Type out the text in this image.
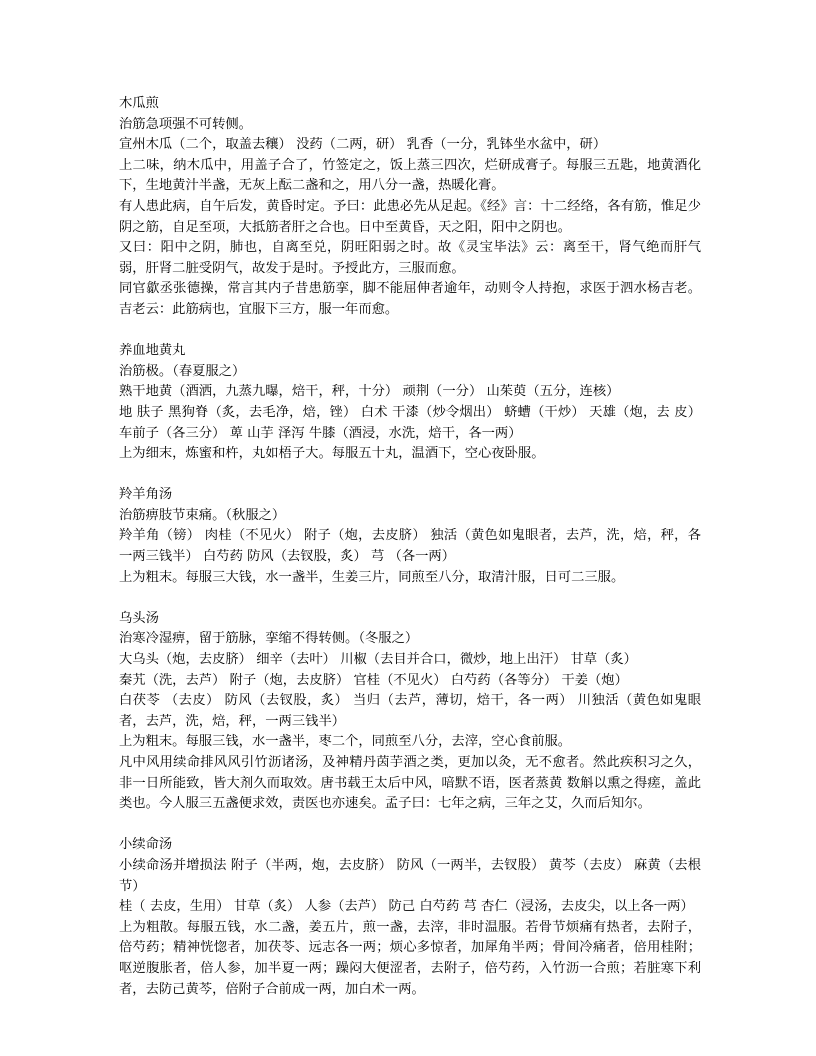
木瓜煎

治筋急项强不可转侧。

宣州木瓜（二个，取盖去穰） 没药（二两，研） 乳香（一分，乳钵坐水盆中，研）

上二味，纳木瓜中，用盖子合了，竹签定之，饭上蒸三四次，烂研成膏子。每服三五匙，地黄酒化下，生地黄汁半盏，无灰上酝二盏和之，用八分一盏，热暖化膏。

有人患此病，自午后发，黄昏时定。予曰：此患必先从足起。《经》言：十二经络，各有筋，惟足少阴之筋，自足至项，大抵筋者肝之合也。日中至黄昏，天之阳，阳中之阴也。

又曰：阳中之阴，肺也，自离至兑，阴旺阳弱之时。故《灵宝毕法》云：离至干，肾气绝而肝气弱，肝肾二脏受阴气，故发于是时。予授此方，三服而愈。

同官歙丞张德操，常言其内子昔患筋挛，脚不能屈伸者逾年，动则令人持抱，求医于泗水杨吉老。吉老云：此筋病也，宜服下三方，服一年而愈。

养血地黄丸

治筋极。（春夏服之）

熟干地黄（酒洒，九蒸九曝，焙干，秤，十分） 顽荆（一分） 山茱萸（五分，连核）

地 肤子 黑狗脊（炙，去毛净，焙，锉） 白术 干漆（炒令烟出） 蛴螬（干炒） 天雄（炮，去 皮） 车前子（各三分） 萆 山芋 泽泻 牛膝（酒浸，水洗，焙干，各一两）

上为细末，炼蜜和杵，丸如梧子大。每服五十丸，温酒下，空心夜卧服。

羚羊角汤

治筋痹肢节束痛。（秋服之）

羚羊角（镑） 肉桂（不见火） 附子（炮，去皮脐） 独活（黄色如鬼眼者，去芦，洗，焙，秤，各一两三钱半） 白芍药 防风（去钗股，炙） 芎 （各一两）

上为粗末。每服三大钱，水一盏半，生姜三片，同煎至八分，取清汁服，日可二三服。

乌头汤

治寒冷湿痹，留于筋脉，挛缩不得转侧。（冬服之）

大乌头（炮，去皮脐） 细辛（去叶） 川椒（去目并合口，微炒，地上出汗） 甘草（炙）

秦艽（洗，去芦） 附子（炮，去皮脐） 官桂（不见火） 白芍药（各等分） 干姜（炮）

白茯苓 （去皮） 防风（去钗股，炙） 当归（去芦，薄切，焙干，各一两） 川独活（黄色如鬼眼者，去芦，洗，焙，秤，一两三钱半）

上为粗末。每服三钱，水一盏半，枣二个，同煎至八分，去滓，空心食前服。

凡中风用续命排风风引竹沥诸汤，及神精丹茵芋酒之类，更加以灸，无不愈者。然此疾积习之久，非一日所能致，皆大剂久而取效。唐书载王太后中风，喑默不语，医者蒸黄 数斛以熏之得瘥，盖此类也。今人服三五盏便求效，责医也亦速矣。孟子曰：七年之病，三年之艾，久而后知尔。

小续命汤

小续命汤并增损法 附子（半两，炮，去皮脐） 防风（一两半，去钗股） 黄芩（去皮） 麻黄（去根节）

桂（ 去皮，生用） 甘草（炙） 人参（去芦） 防己 白芍药 芎 杏仁（浸汤，去皮尖，以上各一两）

上为粗散。每服五钱，水二盏，姜五片，煎一盏，去滓，非时温服。若骨节烦痛有热者，去附子，倍芍药；精神恍惚者，加茯苓、远志各一两；烦心多惊者，加犀角半两；骨间冷痛者，倍用桂附；呕逆腹胀者，倍人参，加半夏一两；躁闷大便涩者，去附子，倍芍药，入竹沥一合煎；若脏寒下利者，去防己黄芩，倍附子合前成一两，加白术一两。
